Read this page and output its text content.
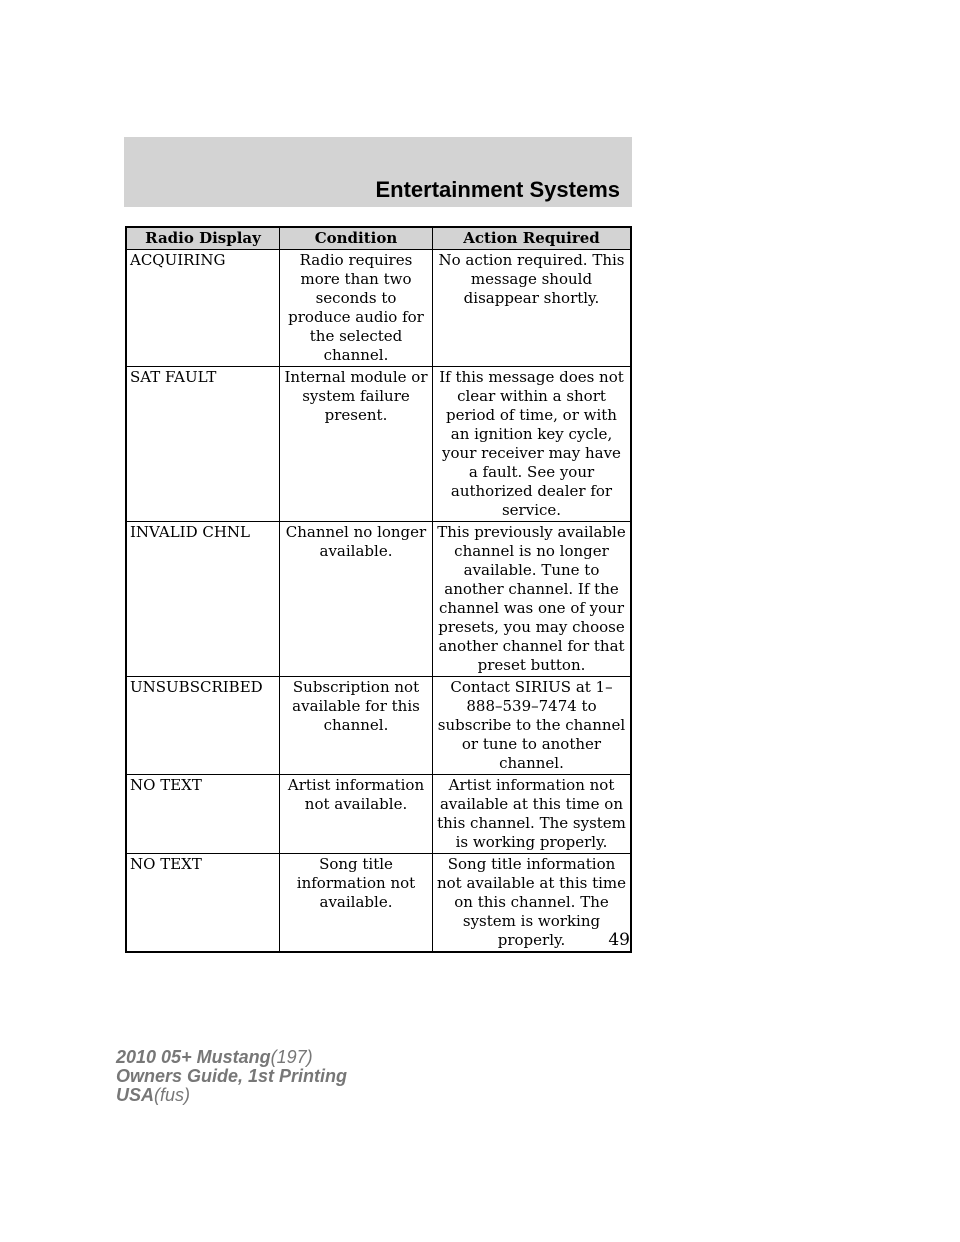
Entertainment Systems
Radio Display	Condition	Action Required
ACQUIRING	Radio requires more than two seconds to produce audio for the selected channel.	No action required. This message should disappear shortly.
SAT FAULT	Internal module or system failure present.	If this message does not clear within a short period of time, or with an ignition key cycle, your receiver may have a fault. See your authorized dealer for service.
INVALID CHNL	Channel no longer available.	This previously available channel is no longer available. Tune to another channel. If the channel was one of your presets, you may choose another channel for that preset button.
UNSUBSCRIBED	Subscription not available for this channel.	Contact SIRIUS at 1–888–539–7474 to subscribe to the channel or tune to another channel.
NO TEXT	Artist information not available.	Artist information not available at this time on this channel. The system is working properly.
NO TEXT	Song title information not available.	Song title information not available at this time on this channel. The system is working properly.	49
2010 05+ Mustang(197)
Owners Guide, 1st Printing
USA(fus)
